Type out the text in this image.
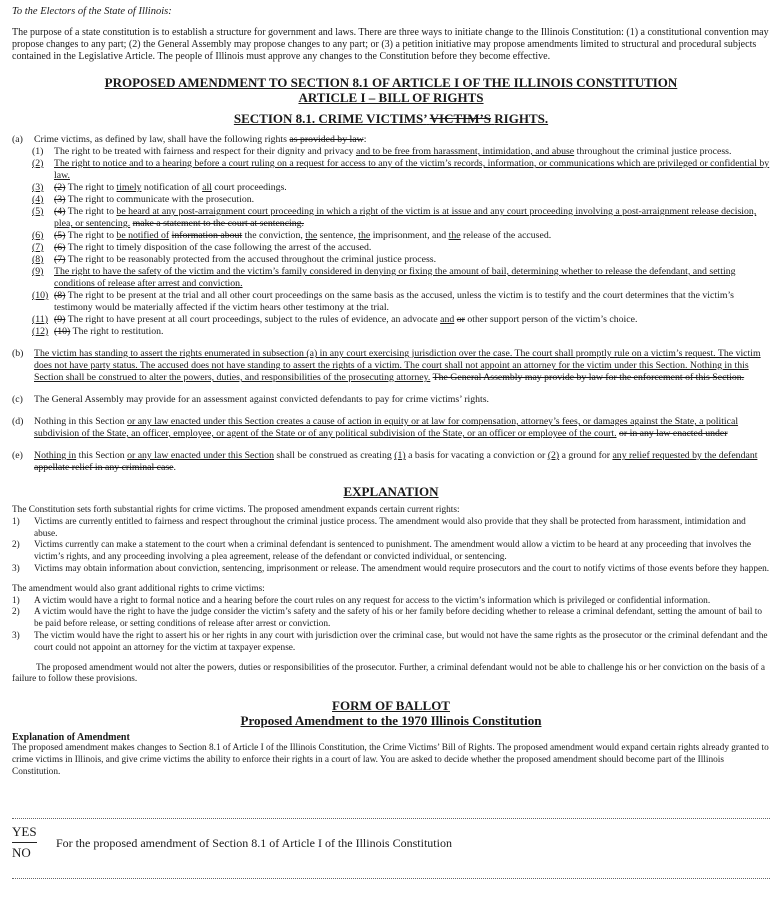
To the Electors of the State of Illinois:

The purpose of a state constitution is to establish a structure for government and laws. There are three ways to initiate change to the Illinois Constitution: (1) a constitutional convention may propose changes to any part; (2) the General Assembly may propose changes to any part; or (3) a petition initiative may propose amendments limited to structural and procedural subjects contained in the Legislative Article. The people of Illinois must approve any changes to the Constitution before they become effective.

PROPOSED AMENDMENT TO SECTION 8.1 OF ARTICLE I OF THE ILLINOIS CONSTITUTION
ARTICLE I – BILL OF RIGHTS
SECTION 8.1. CRIME VICTIMS’ VICTIM’S RIGHTS.
(a)	Crime victims, as defined by law, shall have the following rights as provided by law:
(1)	The right to be treated with fairness and respect for their dignity and privacy and to be free from harassment, intimidation, and abuse throughout the criminal justice process.
(2)	The right to notice and to a hearing before a court ruling on a request for access to any of the victim’s records, information, or communications which are privileged or confidential by law.
(3)	(2) The right to timely notification of all court proceedings.
(4)	(3) The right to communicate with the prosecution.
(5)	(4) The right to be heard at any post-arraignment court proceeding in which a right of the victim is at issue and any court proceeding involving a post-arraignment release decision, plea, or sentencing. make a statement to the court at sentencing.
(6)	(5) The right to be notified of information about the conviction, the sentence, the imprisonment, and the release of the accused.
(7)	(6) The right to timely disposition of the case following the arrest of the accused.
(8)	(7) The right to be reasonably protected from the accused throughout the criminal justice process.
(9)	The right to have the safety of the victim and the victim’s family considered in denying or fixing the amount of bail, determining whether to release the defendant, and setting conditions of release after arrest and conviction.
(10) (8) The right to be present at the trial and all other court proceedings on the same basis as the accused, unless the victim is to testify and the court determines that the victim’s testimony would be materially affected if the victim hears other testimony at the trial.
(11) (9) The right to have present at all court proceedings, subject to the rules of evidence, an advocate and or other support person of the victim’s choice.
(12) (10) The right to restitution.
(b)	The victim has standing to assert the rights enumerated in subsection (a) in any court exercising jurisdiction over the case. The court shall promptly rule on a victim’s request. The victim does not have party status. The accused does not have standing to assert the rights of a victim. The court shall not appoint an attorney for the victim under this Section. Nothing in this Section shall be construed to alter the powers, duties, and responsibilities of the prosecuting attorney. The General Assembly may provide by law for the enforcement of this Section.
(c)	The General Assembly may provide for an assessment against convicted defendants to pay for crime victims’ rights.
(d)	Nothing in this Section or any law enacted under this Section creates a cause of action in equity or at law for compensation, attorney’s fees, or damages against the State, a political subdivision of the State, an officer, employee, or agent of the State or of any political subdivision of the State, or an officer or employee of the court. or in any law enacted under
(e)	Nothing in this Section or any law enacted under this Section shall be construed as creating (1) a basis for vacating a conviction or (2) a ground for any relief requested by the defendant appellate relief in any criminal case.
EXPLANATION

The Constitution sets forth substantial rights for crime victims. The proposed amendment expands certain current rights:

1)	Victims are currently entitled to fairness and respect throughout the criminal justice process. The amendment would also provide that they shall be protected from harassment, intimidation and abuse.
2)	Victims currently can make a statement to the court when a criminal defendant is sentenced to punishment. The amendment would allow a victim to be heard at any proceeding that involves the victim’s rights, and any proceeding involving a plea agreement, release of the defendant or convicted individual, or sentencing.
3)	Victims may obtain information about conviction, sentencing, imprisonment or release. The amendment would require prosecutors and the court to notify victims of those events before they happen.

The amendment would also grant additional rights to crime victims:

1)	A victim would have a right to formal notice and a hearing before the court rules on any request for access to the victim’s information which is privileged or confidential information.
2)	A victim would have the right to have the judge consider the victim’s safety and the safety of his or her family before deciding whether to release a criminal defendant, setting the amount of bail to be paid before release, or setting conditions of release after arrest or conviction.
3)	The victim would have the right to assert his or her rights in any court with jurisdiction over the criminal case, but would not have the same rights as the prosecutor or the criminal defendant and the court could not appoint an attorney for the victim at taxpayer expense.

The proposed amendment would not alter the powers, duties or responsibilities of the prosecutor. Further, a criminal defendant would not be able to challenge his or her conviction on the basis of a failure to follow these provisions.

FORM OF BALLOT
Proposed Amendment to the 1970 Illinois Constitution
Explanation of Amendment
The proposed amendment makes changes to Section 8.1 of Article I of the Illinois Constitution, the Crime Victims’ Bill of Rights. The proposed amendment would expand certain rights already granted to crime victims in Illinois, and give crime victims the ability to enforce their rights in a court of law. You are asked to decide whether the proposed amendment should become part of the Illinois Constitution.
YES
NO
For the proposed amendment of Section 8.1 of Article I of the Illinois Constitution
